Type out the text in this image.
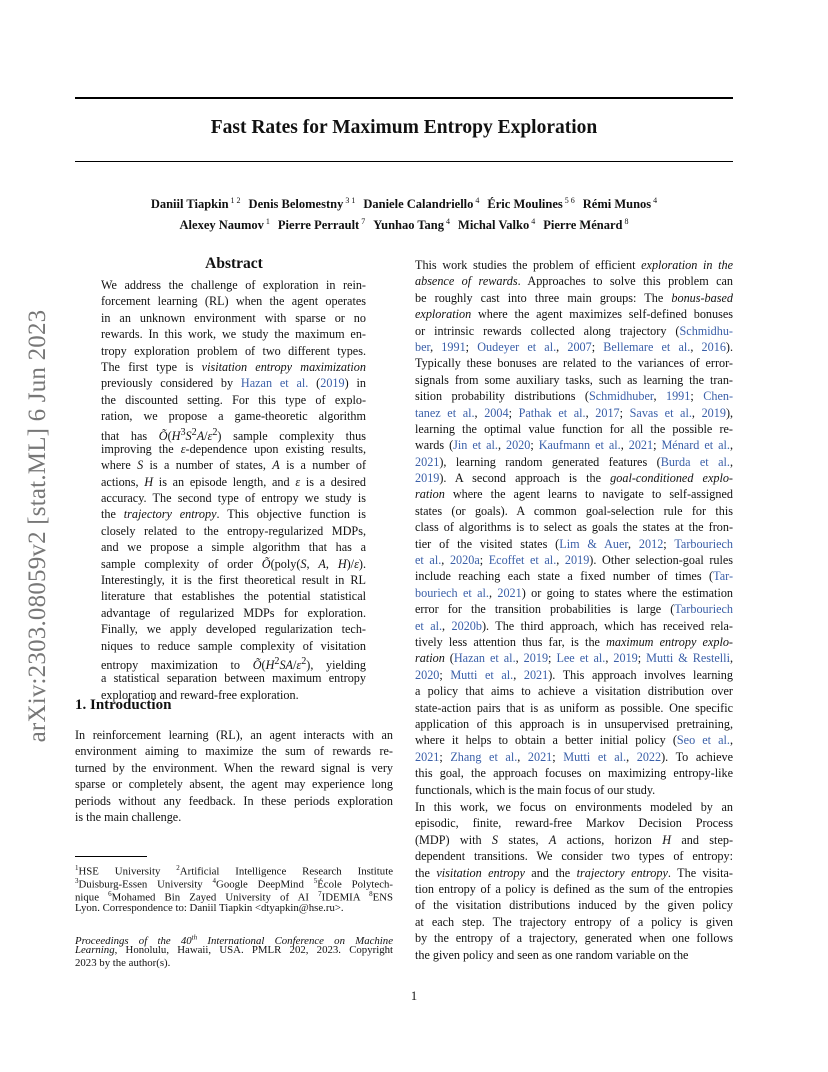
arXiv:2303.08059v2 [stat.ML] 6 Jun 2023
Fast Rates for Maximum Entropy Exploration
Daniil Tiapkin $^{1 2}$ Denis Belomestny $^{3 1}$ Daniele Calandriello $^4$ Éric Moulines $^{5 6}$ Rémi Munos $^4$
Alexey Naumov $^1$ Pierre Perrault $^7$ Yunhao Tang $^4$ Michal Valko $^4$ Pierre Ménard $^8$
Abstract
We address the challenge of exploration in rein-
forcement learning (RL) when the agent operates
in an unknown environment with sparse or no
rewards. In this work, we study the maximum en-
tropy exploration problem of two different types.
The first type is visitation entropy maximization
previously considered by Hazan et al. (2019) in
the discounted setting. For this type of explo-
ration, we propose a game-theoretic algorithm
that has $Õ(H^3S^2A/\varepsilon^2)$ sample complexity thus
improving the ε-dependence upon existing results,
where S is a number of states, A is a number of
actions, H is an episode length, and ε is a desired
accuracy. The second type of entropy we study is
the trajectory entropy. This objective function is
closely related to the entropy-regularized MDPs,
and we propose a simple algorithm that has a
sample complexity of order Õ(poly(S, A, H)/ε).
Interestingly, it is the first theoretical result in RL
literature that establishes the potential statistical
advantage of regularized MDPs for exploration.
Finally, we apply developed regularization tech-
niques to reduce sample complexity of visitation
entropy maximization to $Õ(H^2SA/\varepsilon^2)$, yielding
a statistical separation between maximum entropy
exploration and reward-free exploration.
1. Introduction
In reinforcement learning (RL), an agent interacts with an
environment aiming to maximize the sum of rewards re-
turned by the environment. When the reward signal is very
sparse or completely absent, the agent may experience long
periods without any feedback. In these periods exploration
is the main challenge.
$^1$HSE University $^2$Artificial Intelligence Research Institute
$^3$Duisburg-Essen University $^4$Google DeepMind $^5$École Polytech-
nique $^6$Mohamed Bin Zayed University of AI $^7$IDEMIA $^8$ENS
Lyon. Correspondence to: Daniil Tiapkin <dtyapkin@hse.ru>.
Proceedings of the 40th International Conference on Machine
Learning, Honolulu, Hawaii, USA. PMLR 202, 2023. Copyright
2023 by the author(s).
This work studies the problem of efficient exploration in the
absence of rewards. Approaches to solve this problem can
be roughly cast into three main groups: The bonus-based
exploration where the agent maximizes self-defined bonuses
or intrinsic rewards collected along trajectory (Schmidhu-
ber, 1991; Oudeyer et al., 2007; Bellemare et al., 2016).
Typically these bonuses are related to the variances of error-
signals from some auxiliary tasks, such as learning the tran-
sition probability distributions (Schmidhuber, 1991; Chen-
tanez et al., 2004; Pathak et al., 2017; Savas et al., 2019),
learning the optimal value function for all the possible re-
wards (Jin et al., 2020; Kaufmann et al., 2021; Ménard et al.,
2021), learning random generated features (Burda et al.,
2019). A second approach is the goal-conditioned explo-
ration where the agent learns to navigate to self-assigned
states (or goals). A common goal-selection rule for this
class of algorithms is to select as goals the states at the fron-
tier of the visited states (Lim & Auer, 2012; Tarbouriech
et al., 2020a; Ecoffet et al., 2019). Other selection-goal rules
include reaching each state a fixed number of times (Tar-
bouriech et al., 2021) or going to states where the estimation
error for the transition probabilities is large (Tarbouriech
et al., 2020b). The third approach, which has received rela-
tively less attention thus far, is the maximum entropy explo-
ration (Hazan et al., 2019; Lee et al., 2019; Mutti & Restelli,
2020; Mutti et al., 2021). This approach involves learning
a policy that aims to achieve a visitation distribution over
state-action pairs that is as uniform as possible. One specific
application of this approach is in unsupervised pretraining,
where it helps to obtain a better initial policy (Seo et al.,
2021; Zhang et al., 2021; Mutti et al., 2022). To achieve
this goal, the approach focuses on maximizing entropy-like
functionals, which is the main focus of our study.
In this work, we focus on environments modeled by an
episodic, finite, reward-free Markov Decision Process
(MDP) with S states, A actions, horizon H and step-
dependent transitions. We consider two types of entropy:
the visitation entropy and the trajectory entropy. The visita-
tion entropy of a policy is defined as the sum of the entropies
of the visitation distributions induced by the given policy
at each step. The trajectory entropy of a policy is given
by the entropy of a trajectory, generated when one follows
the given policy and seen as one random variable on the
1
